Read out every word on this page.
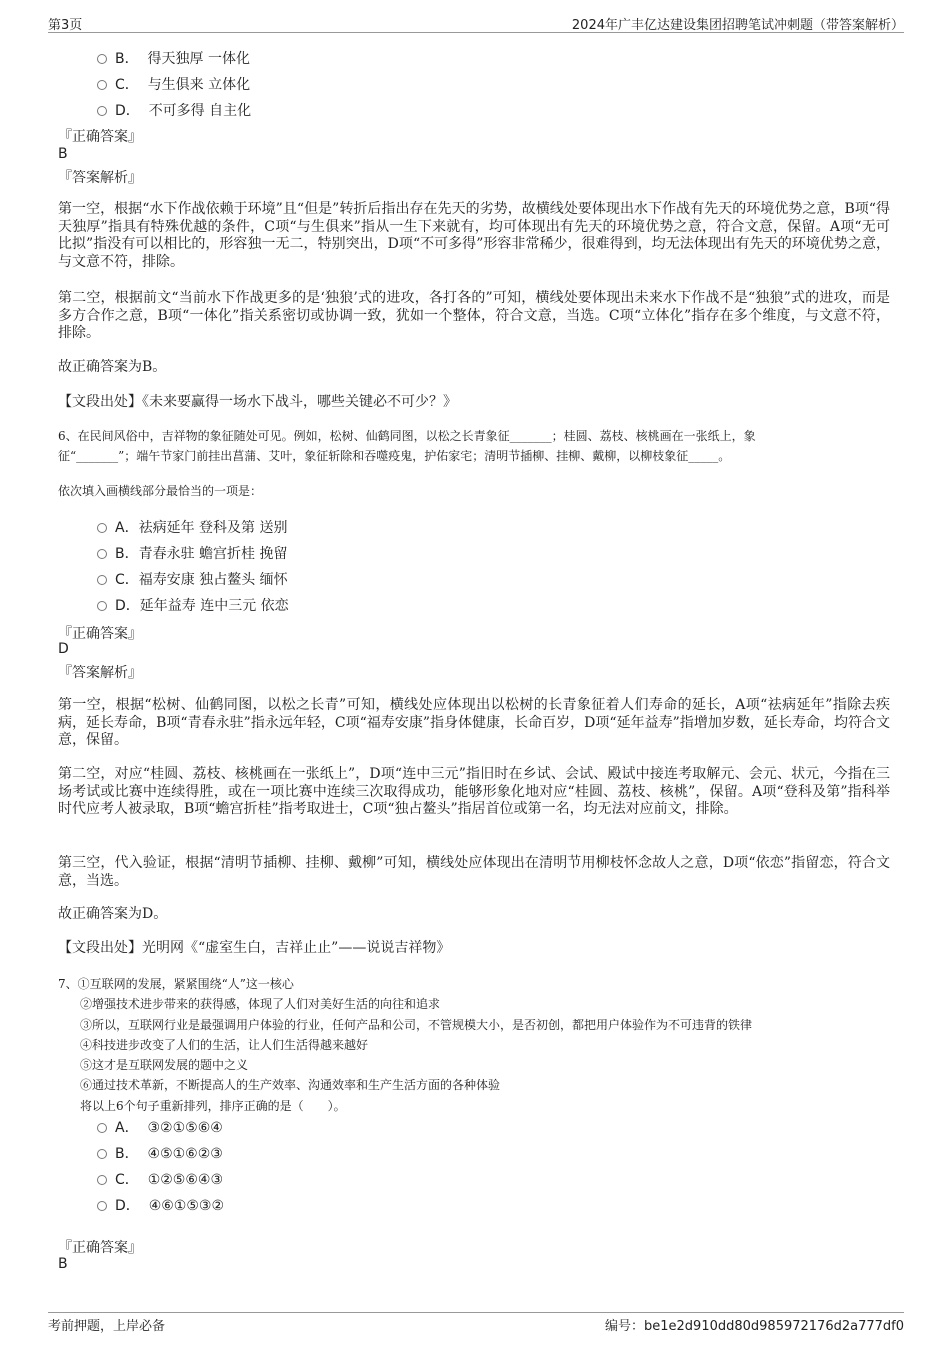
第3页	2024年广丰亿达建设集团招聘笔试冲刺题（带答案解析）
B． 得天独厚 一体化
C． 与生俱来 立体化
D． 不可多得 自主化
『正确答案』
B
『答案解析』
第一空，根据“水下作战依赖于环境”且“但是”转折后指出存在先天的劣势，故横线处要体现出水下作战有先天的环境优势之意，B项“得天独厚”指具有特殊优越的条件，C项“与生俱来”指从一生下来就有，均可体现出有先天的环境优势之意，符合文意，保留。A项“无可比拟”指没有可以相比的，形容独一无二，特别突出，D项“不可多得”形容非常稀少，很难得到，均无法体现出有先天的环境优势之意，与文意不符，排除。
第二空，根据前文“当前水下作战更多的是‘独狼’式的进攻，各打各的”可知，横线处要体现出未来水下作战不是“独狼”式的进攻，而是多方合作之意，B项“一体化”指关系密切或协调一致，犹如一个整体，符合文意，当选。C项“立体化”指存在多个维度，与文意不符，排除。
故正确答案为B。
【文段出处】《未来要赢得一场水下战斗，哪些关键必不可少？》
6、在民间风俗中，吉祥物的象征随处可见。例如，松树、仙鹤同图，以松之长青象征_______；桂圆、荔枝、核桃画在一张纸上，象
征“_______”；端午节家门前挂出菖蒲、艾叶，象征斩除和吞噬疫鬼，护佑家宅；清明节插柳、挂柳、戴柳，以柳枝象征_____。
依次填入画横线部分最恰当的一项是：
A．祛病延年 登科及第 送别
B．青春永驻 蟾宫折桂 挽留
C．福寿安康 独占鳌头 缅怀
D．延年益寿 连中三元 依恋
『正确答案』
D
『答案解析』
第一空，根据“松树、仙鹤同图，以松之长青”可知，横线处应体现出以松树的长青象征着人们寿命的延长，A项“祛病延年”指除去疾病，延长寿命，B项“青春永驻”指永远年轻，C项“福寿安康”指身体健康，长命百岁，D项“延年益寿”指增加岁数，延长寿命，均符合文意，保留。
第二空，对应“桂圆、荔枝、核桃画在一张纸上”，D项“连中三元”指旧时在乡试、会试、殿试中接连考取解元、会元、状元，今指在三场考试或比赛中连续得胜，或在一项比赛中连续三次取得成功，能够形象化地对应“桂圆、荔枝、核桃”，保留。A项“登科及第”指科举时代应考人被录取，B项“蟾宫折桂”指考取进士，C项“独占鳌头”指居首位或第一名，均无法对应前文，排除。
第三空，代入验证，根据“清明节插柳、挂柳、戴柳”可知，横线处应体现出在清明节用柳枝怀念故人之意，D项“依恋”指留恋，符合文意，当选。
故正确答案为D。
【文段出处】光明网《“虚室生白，吉祥止止”——说说吉祥物》
7、①互联网的发展，紧紧围绕“人”这一核心
②增强技术进步带来的获得感，体现了人们对美好生活的向往和追求
③所以，互联网行业是最强调用户体验的行业，任何产品和公司，不管规模大小，是否初创，都把用户体验作为不可违背的铁律
④科技进步改变了人们的生活，让人们生活得越来越好
⑤这才是互联网发展的题中之义
⑥通过技术革新，不断提高人的生产效率、沟通效率和生产生活方面的各种体验
将以上6个句子重新排列，排序正确的是（　　）。
A． ③②①⑤⑥④
B． ④⑤①⑥②③
C． ①②⑤⑥④③
D． ④⑥①⑤③②
『正确答案』
B
考前押题，上岸必备	编号：be1e2d910dd80d985972176d2a777df0
